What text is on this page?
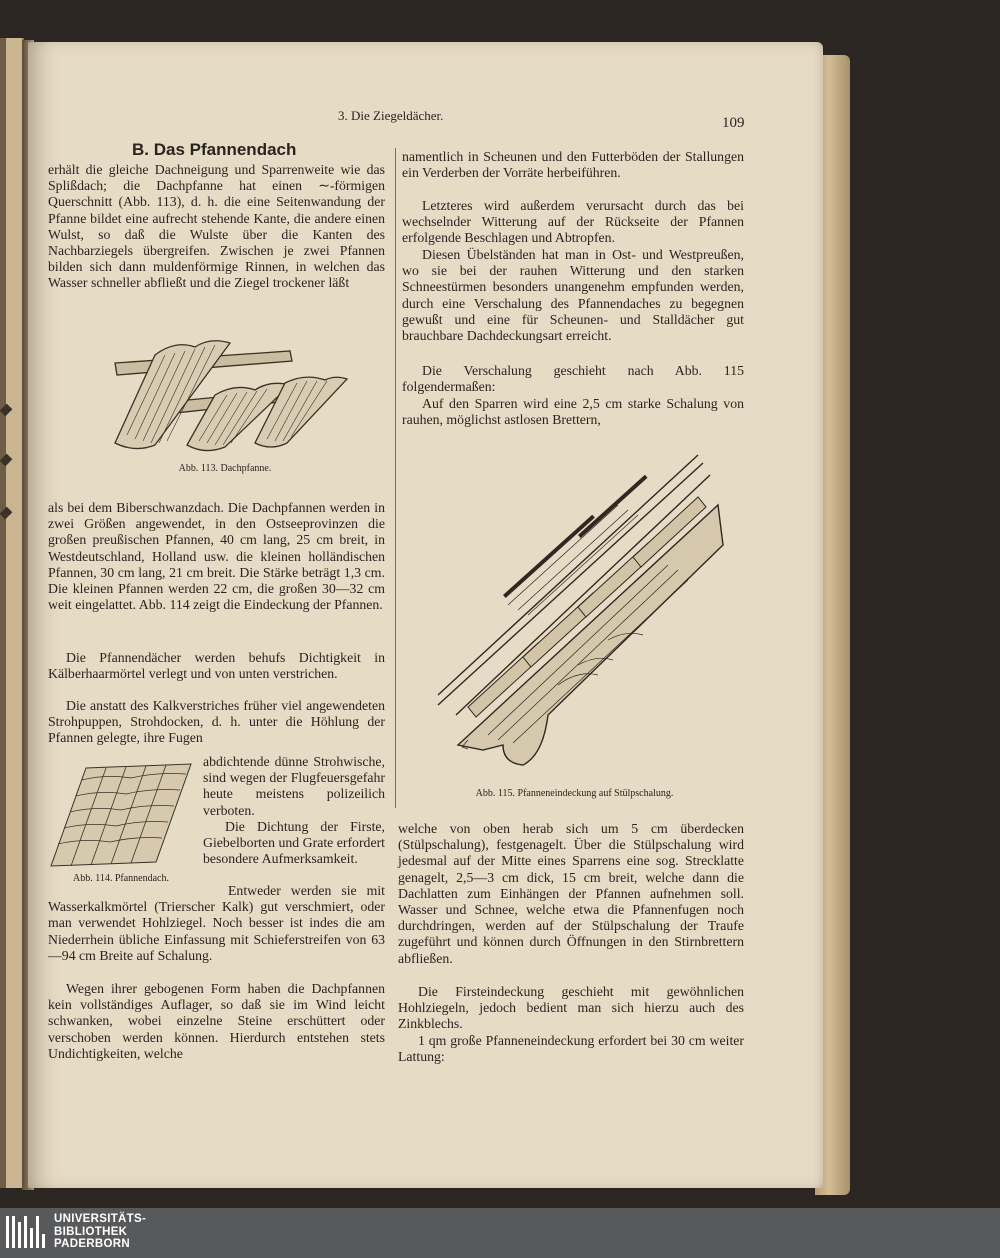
3. Die Ziegeldächer.	109
B. Das Pfannendach
erhält die gleiche Dachneigung und Sparrenweite wie das Splißdach; die Dachpfanne hat einen ∼-förmigen Querschnitt (Abb. 113), d. h. die eine Seitenwandung der Pfanne bildet eine aufrecht stehende Kante, die andere einen Wulst, so daß die Wulste über die Kanten des Nachbarziegels übergreifen. Zwischen je zwei Pfannen bilden sich dann muldenförmige Rinnen, in welchen das Wasser schneller abfließt und die Ziegel trockener läßt
Abb. 113. Dachpfanne.
als bei dem Biberschwanzdach. Die Dachpfannen werden in zwei Größen angewendet, in den Ostseeprovinzen die großen preußischen Pfannen, 40 cm lang, 25 cm breit, in Westdeutschland, Holland usw. die kleinen holländischen Pfannen, 30 cm lang, 21 cm breit. Die Stärke beträgt 1,3 cm. Die kleinen Pfannen werden 22 cm, die großen 30—32 cm weit eingelattet. Abb. 114 zeigt die Eindeckung der Pfannen.
Die Pfannendächer werden behufs Dichtigkeit in Kälberhaarmörtel verlegt und von unten verstrichen.
Die anstatt des Kalkverstriches früher viel angewendeten Strohpuppen, Strohdocken, d. h. unter die Höhlung der Pfannen gelegte, ihre Fugen
abdichtende dünne Strohwische, sind wegen der Flugfeuersgefahr heute meistens polizeilich verboten.
Die Dichtung der Firste, Giebelborten und Grate erfordert besondere Aufmerksamkeit.
Abb. 114. Pfannendach.
Entweder werden sie mit Wasserkalkmörtel (Trierscher Kalk) gut verschmiert, oder man verwendet Hohlziegel. Noch besser ist indes die am Niederrhein übliche Einfassung mit Schieferstreifen von 63—94 cm Breite auf Schalung.
Wegen ihrer gebogenen Form haben die Dachpfannen kein vollständiges Auflager, so daß sie im Wind leicht schwanken, wobei einzelne Steine erschüttert oder verschoben werden können. Hierdurch entstehen stets Undichtigkeiten, welche
namentlich in Scheunen und den Futterböden der Stallungen ein Verderben der Vorräte herbeiführen.
Letzteres wird außerdem verursacht durch das bei wechselnder Witterung auf der Rückseite der Pfannen erfolgende Beschlagen und Abtropfen.
Diesen Übelständen hat man in Ost- und Westpreußen, wo sie bei der rauhen Witterung und den starken Schneestürmen besonders unangenehm empfunden werden, durch eine Verschalung des Pfannendaches zu begegnen gewußt und eine für Scheunen- und Stalldächer gut brauchbare Dachdeckungsart erreicht.
Die Verschalung geschieht nach Abb. 115 folgendermaßen:
Auf den Sparren wird eine 2,5 cm starke Schalung von rauhen, möglichst astlosen Brettern,
Abb. 115. Pfanneneindeckung auf Stülpschalung.
welche von oben herab sich um 5 cm überdecken (Stülpschalung), festgenagelt. Über die Stülpschalung wird jedesmal auf der Mitte eines Sparrens eine sog. Strecklatte genagelt, 2,5—3 cm dick, 15 cm breit, welche dann die Dachlatten zum Einhängen der Pfannen aufnehmen soll. Wasser und Schnee, welche etwa die Pfannenfugen noch durchdringen, werden auf der Stülpschalung der Traufe zugeführt und können durch Öffnungen in den Stirnbrettern abfließen.
Die Firsteindeckung geschieht mit gewöhnlichen Hohlziegeln, jedoch bedient man sich hierzu auch des Zinkblechs.
1 qm große Pfanneneindeckung erfordert bei 30 cm weiter Lattung:
UNIVERSITÄTS-
BIBLIOTHEK
PADERBORN
